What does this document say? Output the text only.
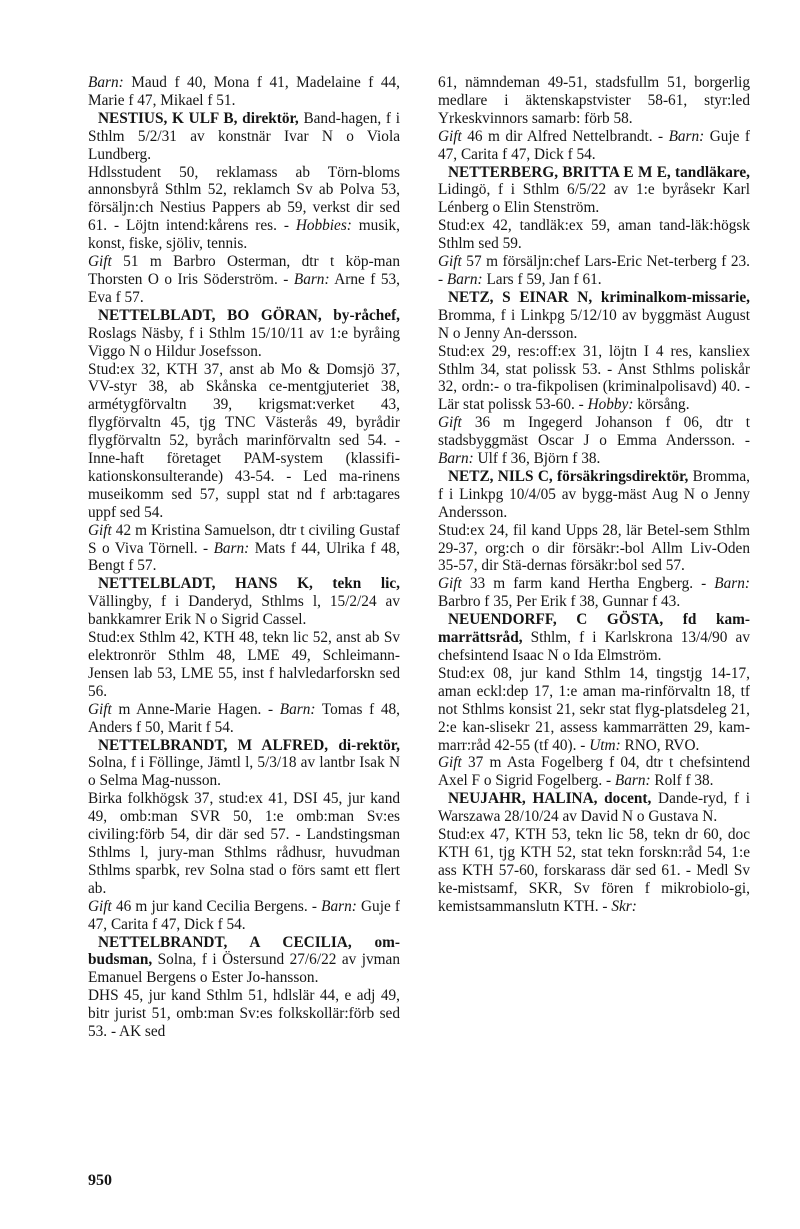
Barn: Maud f 40, Mona f 41, Madelaine f 44, Marie f 47, Mikael f 51.

NESTIUS, K ULF B, direktör, Band-hagen, f i Sthlm 5/2/31 av konstnär Ivar N o Viola Lundberg.

Hdlsstudent 50, reklamass ab Törn-bloms annonsbyrå Sthlm 52, reklamch Sv ab Polva 53, försäljn:ch Nestius Pappers ab 59, verkst dir sed 61. - Löjtn intend:kårens res. - Hobbies: musik, konst, fiske, sjöliv, tennis.

Gift 51 m Barbro Osterman, dtr t köp-man Thorsten O o Iris Söderström. - Barn: Arne f 53, Eva f 57.

NETTELBLADT, BO GÖRAN, by-råchef, Roslags Näsby, f i Sthlm 15/10/11 av 1:e byråing Viggo N o Hildur Josefsson.

Stud:ex 32, KTH 37, anst ab Mo & Domsjö 37, VV-styr 38, ab Skånska ce-mentgjuteriet 38, armétygförvaltn 39, krigsmat:verket 43, flygförvaltn 45, tjg TNC Västerås 49, byrådir flygförvaltn 52, byråch marinförvaltn sed 54. - Inne-haft företaget PAM-system (klassifi-kationskonsulterande) 43-54. - Led ma-rinens museikomm sed 57, suppl stat nd f arb:tagares uppf sed 54.

Gift 42 m Kristina Samuelson, dtr t civiling Gustaf S o Viva Törnell. - Barn: Mats f 44, Ulrika f 48, Bengt f 57.

NETTELBLADT, HANS K, tekn lic, Vällingby, f i Danderyd, Sthlms l, 15/2/24 av bankkamrer Erik N o Sigrid Cassel.

Stud:ex Sthlm 42, KTH 48, tekn lic 52, anst ab Sv elektronrör Sthlm 48, LME 49, Schleimann-Jensen lab 53, LME 55, inst f halvledarforskn sed 56.

Gift m Anne-Marie Hagen. - Barn: Tomas f 48, Anders f 50, Marit f 54.

NETTELBRANDT, M ALFRED, di-rektör, Solna, f i Föllinge, Jämtl l, 5/3/18 av lantbr Isak N o Selma Mag-nusson.

Birka folkhögsk 37, stud:ex 41, DSI 45, jur kand 49, omb:man SVR 50, 1:e omb:man Sv:es civiling:förb 54, dir där sed 57. - Landstingsman Sthlms l, jury-man Sthlms rådhusr, huvudman Sthlms sparbk, rev Solna stad o förs samt ett flert ab.

Gift 46 m jur kand Cecilia Bergens. - Barn: Guje f 47, Carita f 47, Dick f 54.

NETTELBRANDT, A CECILIA, om-budsman, Solna, f i Östersund 27/6/22 av jvman Emanuel Bergens o Ester Jo-hansson.

DHS 45, jur kand Sthlm 51, hdlslär 44, e adj 49, bitr jurist 51, omb:man Sv:es folkskollär:förb sed 53. - AK sed

61, nämndeman 49-51, stadsfullm 51, borgerlig medlare i äktenskapstvister 58-61, styr:led Yrkeskvinnors samarb: förb 58.

Gift 46 m dir Alfred Nettelbrandt. - Barn: Guje f 47, Carita f 47, Dick f 54.

NETTERBERG, BRITTA E M E, tandläkare, Lidingö, f i Sthlm 6/5/22 av 1:e byråsekr Karl Lénberg o Elin Stenström.

Stud:ex 42, tandläk:ex 59, aman tand-läk:högsk Sthlm sed 59.

Gift 57 m försäljn:chef Lars-Eric Net-terberg f 23. - Barn: Lars f 59, Jan f 61.

NETZ, S EINAR N, kriminalkom-missarie, Bromma, f i Linkpg 5/12/10 av byggmäst August N o Jenny An-dersson.

Stud:ex 29, res:off:ex 31, löjtn I 4 res, kansliex Sthlm 34, stat polissk 53. - Anst Sthlms poliskår 32, ordn:- o tra-fikpolisen (kriminalpolisavd) 40. - Lär stat polissk 53-60. - Hobby: körsång.

Gift 36 m Ingegerd Johanson f 06, dtr t stadsbyggmäst Oscar J o Emma Andersson. - Barn: Ulf f 36, Björn f 38.

NETZ, NILS C, försäkringsdirektör, Bromma, f i Linkpg 10/4/05 av bygg-mäst Aug N o Jenny Andersson.

Stud:ex 24, fil kand Upps 28, lär Betel-sem Sthlm 29-37, org:ch o dir försäkr:-bol Allm Liv-Oden 35-57, dir Stä-dernas försäkr:bol sed 57.

Gift 33 m farm kand Hertha Engberg. - Barn: Barbro f 35, Per Erik f 38, Gunnar f 43.

NEUENDORFF, C GÖSTA, fd kam-marrättsråd, Sthlm, f i Karlskrona 13/4/90 av chefsintend Isaac N o Ida Elmström.

Stud:ex 08, jur kand Sthlm 14, tingstjg 14-17, aman eckl:dep 17, 1:e aman ma-rinförvaltn 18, tf not Sthlms konsist 21, sekr stat flyg-platsdeleg 21, 2:e kan-slisekr 21, assess kammarrätten 29, kam-marr:råd 42-55 (tf 40). - Utm: RNO, RVO.

Gift 37 m Asta Fogelberg f 04, dtr t chefsintend Axel F o Sigrid Fogelberg. - Barn: Rolf f 38.

NEUJAHR, HALINA, docent, Dande-ryd, f i Warszawa 28/10/24 av David N o Gustava N.

Stud:ex 47, KTH 53, tekn lic 58, tekn dr 60, doc KTH 61, tjg KTH 52, stat tekn forskn:råd 54, 1:e ass KTH 57-60, forskarass där sed 61. - Medl Sv ke-mistsamf, SKR, Sv fören f mikrobiolo-gi, kemistsammanslutn KTH. - Skr:

950
